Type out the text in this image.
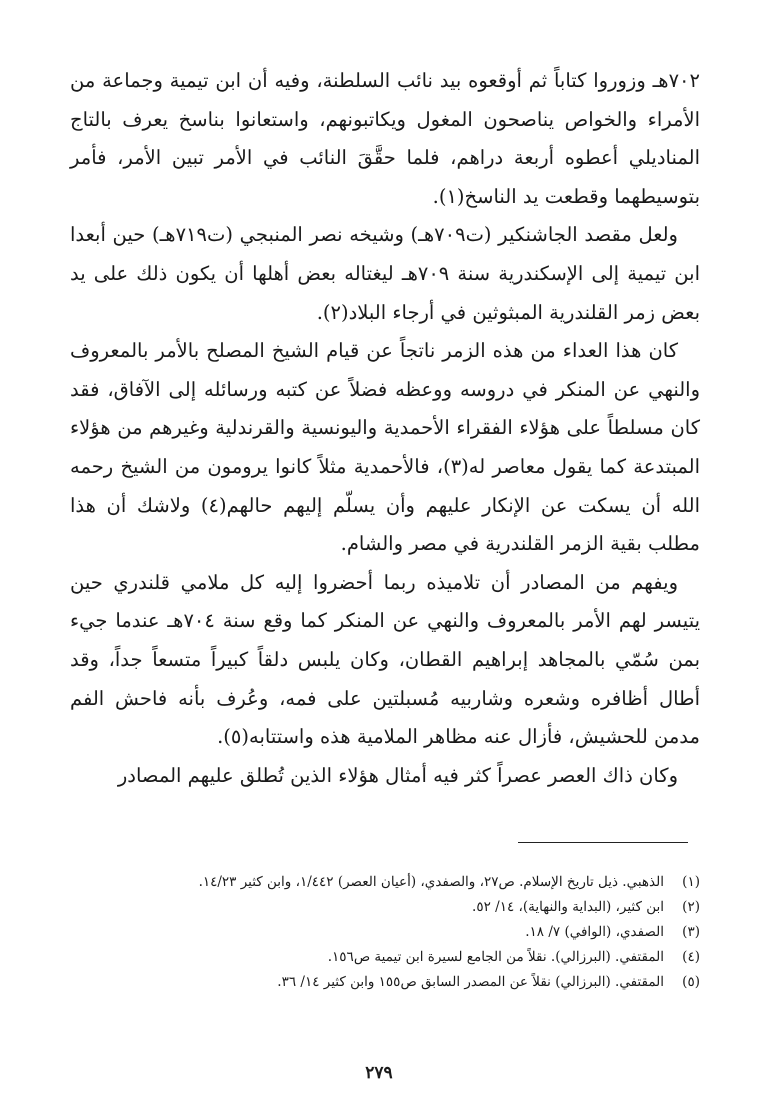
٧٠٢هـ وزوروا كتاباً ثم أوقعوه بيد نائب السلطنة، وفيه أن ابن تيمية وجماعة من الأمراء والخواص يناصحون المغول ويكاتبونهم، واستعانوا بناسخ يعرف بالتاج المناديلي أعطوه أربعة دراهم، فلما حقَّقَ النائب في الأمر تبين الأمر، فأمر بتوسيطهما وقطعت يد الناسخ(١).

ولعل مقصد الجاشنكير (ت٧٠٩هـ) وشيخه نصر المنبجي (ت٧١٩هـ) حين أبعدا ابن تيمية إلى الإسكندرية سنة ٧٠٩هـ ليغتاله بعض أهلها أن يكون ذلك على يد بعض زمر القلندرية المبثوثين في أرجاء البلاد(٢).

كان هذا العداء من هذه الزمر ناتجاً عن قيام الشيخ المصلح بالأمر بالمعروف والنهي عن المنكر في دروسه ووعظه فضلاً عن كتبه ورسائله إلى الآفاق، فقد كان مسلطاً على هؤلاء الفقراء الأحمدية واليونسية والقرندلية وغيرهم من هؤلاء المبتدعة كما يقول معاصر له(٣)، فالأحمدية مثلاً كانوا يرومون من الشيخ رحمه الله أن يسكت عن الإنكار عليهم وأن يسلّم إليهم حالهم(٤) ولاشك أن هذا مطلب بقية الزمر القلندرية في مصر والشام.

ويفهم من المصادر أن تلاميذه ربما أحضروا إليه كل ملامي قلندري حين يتيسر لهم الأمر بالمعروف والنهي عن المنكر كما وقع سنة ٧٠٤هـ عندما جيء بمن سُمّي بالمجاهد إبراهيم القطان، وكان يلبس دلقاً كبيراً متسعاً جداً، وقد أطال أظافره وشعره وشاربيه مُسبلتين على فمه، وعُرف بأنه فاحش الفم مدمن للحشيش، فأزال عنه مظاهر الملامية هذه واستتابه(٥).

وكان ذاك العصر عصراً كثر فيه أمثال هؤلاء الذين تُطلق عليهم المصادر

(١)
الذهبي. ذيل تاريخ الإسلام. ص٢٧، والصفدي، (أعيان العصر) ١/٤٤٢، وابن كثير ١٤/٢٣.
(٢)
ابن كثير، (البداية والنهاية)، ١٤/ ٥٢.
(٣)
الصفدي، (الوافي) ٧/ ١٨.
(٤)
المقتفي. (البرزالي). نقلاً من الجامع لسيرة ابن تيمية ص١٥٦.
(٥)
المقتفي. (البرزالي) نقلاً عن المصدر السابق ص١٥٥ وابن كثير ١٤/ ٣٦.
٢٧٩
